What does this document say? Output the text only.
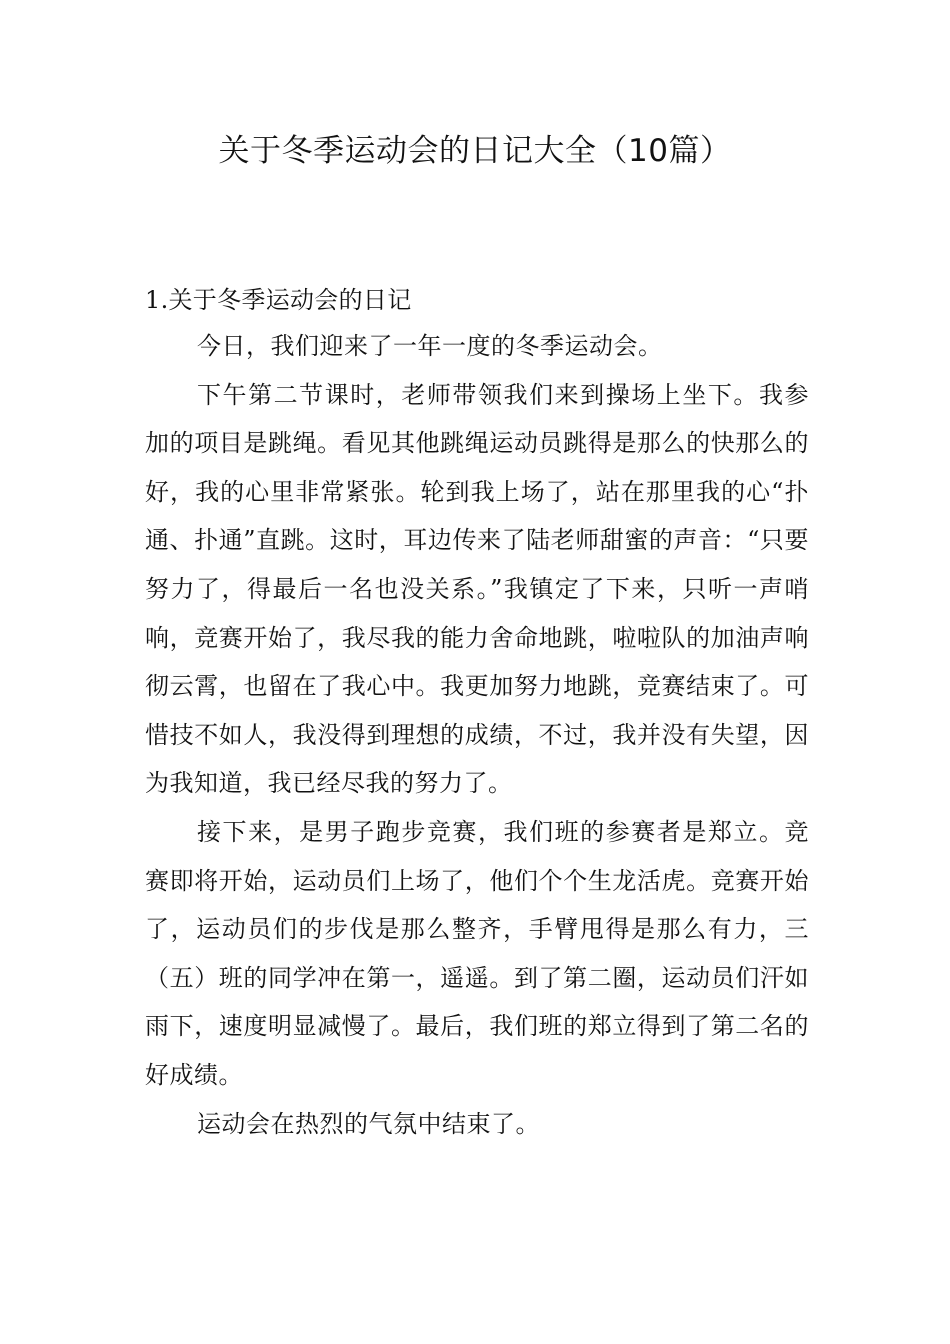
关于冬季运动会的日记大全（10篇）

1.关于冬季运动会的日记

今日，我们迎来了一年一度的冬季运动会。

下午第二节课时，老师带领我们来到操场上坐下。我参加的项目是跳绳。看见其他跳绳运动员跳得是那么的快那么的好，我的心里非常紧张。轮到我上场了，站在那里我的心“扑通、扑通”直跳。这时，耳边传来了陆老师甜蜜的声音：“只要努力了，得最后一名也没关系。”我镇定了下来，只听一声哨响，竞赛开始了，我尽我的能力舍命地跳，啦啦队的加油声响彻云霄，也留在了我心中。我更加努力地跳，竞赛结束了。可惜技不如人，我没得到理想的成绩，不过，我并没有失望，因为我知道，我已经尽我的努力了。

接下来，是男子跑步竞赛，我们班的参赛者是郑立。竞赛即将开始，运动员们上场了，他们个个生龙活虎。竞赛开始了，运动员们的步伐是那么整齐，手臂甩得是那么有力，三（五）班的同学冲在第一，遥遥。到了第二圈，运动员们汗如雨下，速度明显减慢了。最后，我们班的郑立得到了第二名的好成绩。

运动会在热烈的气氛中结束了。
